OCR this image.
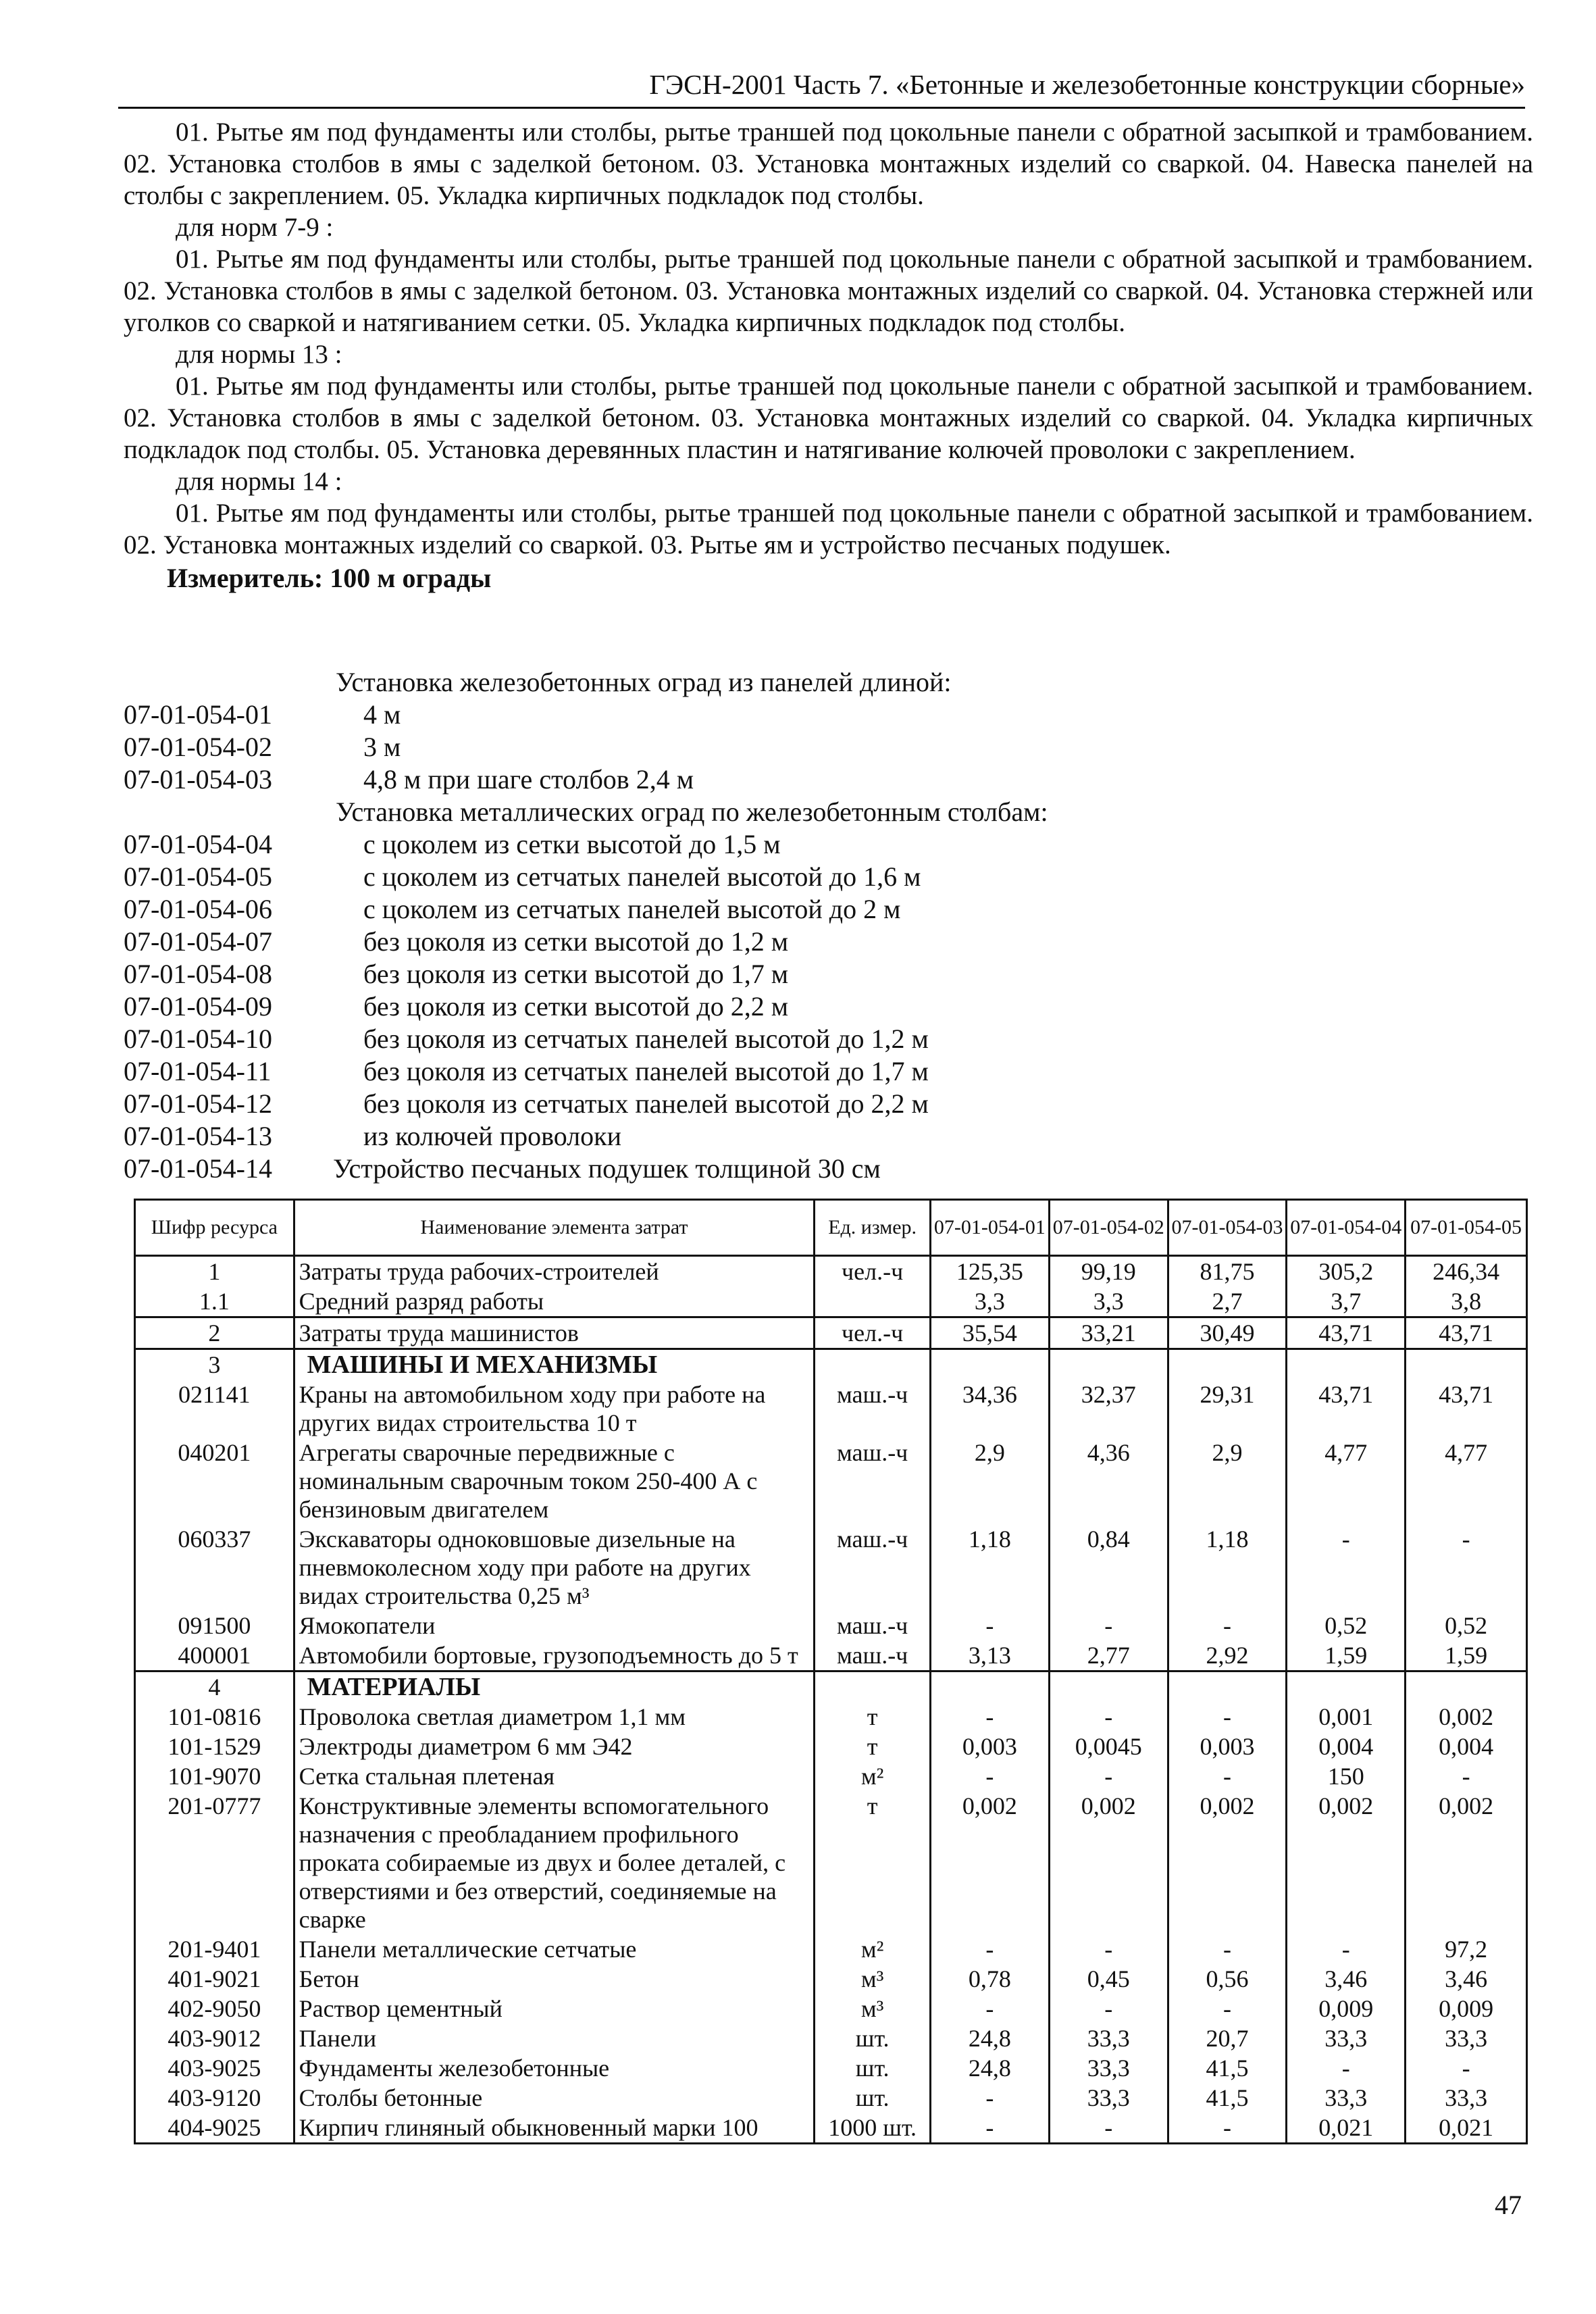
ГЭСН-2001 Часть 7. «Бетонные и железобетонные конструкции сборные»

01. Рытье ям под фундаменты или столбы, рытье траншей под цокольные панели с обратной засыпкой и трамбованием. 02. Установка столбов в ямы с заделкой бетоном. 03. Установка монтажных изделий со сваркой. 04. Навеска панелей на столбы с закреплением. 05. Укладка кирпичных подкладок под столбы.

для норм 7-9 :

01. Рытье ям под фундаменты или столбы, рытье траншей под цокольные панели с обратной засыпкой и трамбованием. 02. Установка столбов в ямы с заделкой бетоном. 03. Установка монтажных изделий со сваркой. 04. Установка стержней или уголков со сваркой и натягиванием сетки. 05. Укладка кирпичных подкладок под столбы.

для нормы 13 :

01. Рытье ям под фундаменты или столбы, рытье траншей под цокольные панели с обратной засыпкой и трамбованием. 02. Установка столбов в ямы с заделкой бетоном. 03. Установка монтажных изделий со сваркой. 04. Укладка кирпичных подкладок под столбы. 05. Установка деревянных пластин и натягивание колючей проволоки с закреплением.

для нормы 14 :

01. Рытье ям под фундаменты или столбы, рытье траншей под цокольные панели с обратной засыпкой и трамбованием. 02. Установка монтажных изделий со сваркой. 03. Рытье ям и устройство песчаных подушек.

Измеритель: 100 м ограды
Установка железобетонных оград из панелей длиной:
07-01-054-01	4 м
07-01-054-02	3 м
07-01-054-03	4,8 м при шаге столбов 2,4 м
Установка металлических оград по железобетонным столбам:
07-01-054-04	с цоколем из сетки высотой до 1,5 м
07-01-054-05	с цоколем из сетчатых панелей высотой до 1,6 м
07-01-054-06	с цоколем из сетчатых панелей высотой до 2 м
07-01-054-07	без цоколя из сетки высотой до 1,2 м
07-01-054-08	без цоколя из сетки высотой до 1,7 м
07-01-054-09	без цоколя из сетки высотой до 2,2 м
07-01-054-10	без цоколя из сетчатых панелей высотой до 1,2 м
07-01-054-11	без цоколя из сетчатых панелей высотой до 1,7 м
07-01-054-12	без цоколя из сетчатых панелей высотой до 2,2 м
07-01-054-13	из колючей проволоки
07-01-054-14	Устройство песчаных подушек толщиной 30 см
Шифр ресурса	Наименование элемента затрат	Ед. измер.	07-01-054-01	07-01-054-02	07-01-054-03	07-01-054-04	07-01-054-05
1	Затраты труда рабочих-строителей	чел.-ч	125,35	99,19	81,75	305,2	246,34
1.1	Средний разряд работы		3,3	3,3	2,7	3,7	3,8
2	Затраты труда машинистов	чел.-ч	35,54	33,21	30,49	43,71	43,71
3	МАШИНЫ И МЕХАНИЗМЫ						
021141	Краны на автомобильном ходу при работе на других видах строительства 10 т	маш.-ч	34,36	32,37	29,31	43,71	43,71
040201	Агрегаты сварочные передвижные с номинальным сварочным током 250-400 А с бензиновым двигателем	маш.-ч	2,9	4,36	2,9	4,77	4,77
060337	Экскаваторы одноковшовые дизельные на пневмоколесном ходу при работе на других видах строительства 0,25 м³	маш.-ч	1,18	0,84	1,18	-	-
091500	Ямокопатели	маш.-ч	-	-	-	0,52	0,52
400001	Автомобили бортовые, грузоподъемность до 5 т	маш.-ч	3,13	2,77	2,92	1,59	1,59
4	МАТЕРИАЛЫ						
101-0816	Проволока светлая диаметром 1,1 мм	т	-	-	-	0,001	0,002
101-1529	Электроды диаметром 6 мм Э42	т	0,003	0,0045	0,003	0,004	0,004
101-9070	Сетка стальная плетеная	м²	-	-	-	150	-
201-0777	Конструктивные элементы вспомогательного назначения с преобладанием профильного проката собираемые из двух и более деталей, с отверстиями и без отверстий, соединяемые на сварке	т	0,002	0,002	0,002	0,002	0,002
201-9401	Панели металлические сетчатые	м²	-	-	-	-	97,2
401-9021	Бетон	м³	0,78	0,45	0,56	3,46	3,46
402-9050	Раствор цементный	м³	-	-	-	0,009	0,009
403-9012	Панели	шт.	24,8	33,3	20,7	33,3	33,3
403-9025	Фундаменты железобетонные	шт.	24,8	33,3	41,5	-	-
403-9120	Столбы бетонные	шт.	-	33,3	41,5	33,3	33,3
404-9025	Кирпич глиняный обыкновенный марки 100	1000 шт.	-	-	-	0,021	0,021
47
